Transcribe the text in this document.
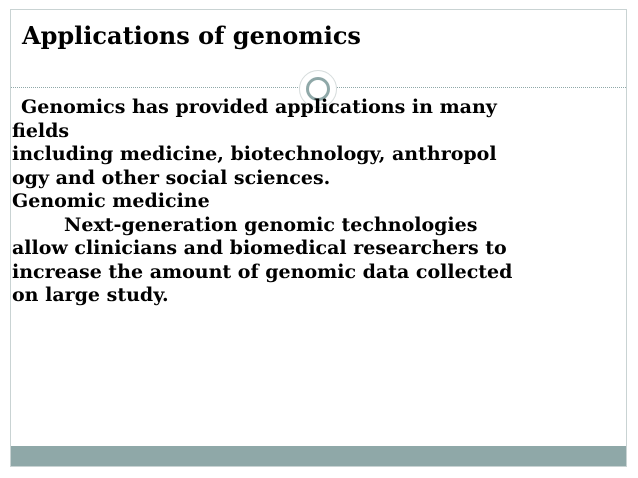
Applications of genomics
Genomics has provided applications in many
fields
including medicine, biotechnology, anthropol
ogy and other social sciences.
Genomic medicine
Next-generation genomic technologies
allow clinicians and biomedical researchers to
increase the amount of genomic data collected
on large study.
